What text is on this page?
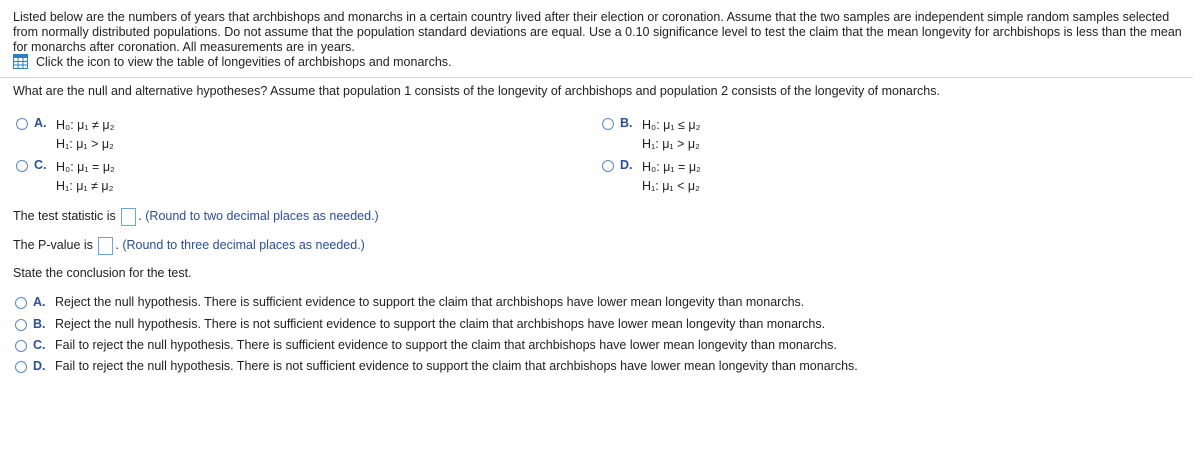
Listed below are the numbers of years that archbishops and monarchs in a certain country lived after their election or coronation. Assume that the two samples are independent simple random samples selected from normally distributed populations. Do not assume that the population standard deviations are equal. Use a 0.10 significance level to test the claim that the mean longevity for archbishops is less than the mean for monarchs after coronation. All measurements are in years.
Click the icon to view the table of longevities of archbishops and monarchs.
What are the null and alternative hypotheses? Assume that population 1 consists of the longevity of archbishops and population 2 consists of the longevity of monarchs.
A. H₀: μ₁ ≠ μ₂
H₁: μ₁ > μ₂
B. H₀: μ₁ ≤ μ₂
H₁: μ₁ > μ₂
C. H₀: μ₁ = μ₂
H₁: μ₁ ≠ μ₂
D. H₀: μ₁ = μ₂
H₁: μ₁ < μ₂
The test statistic is . (Round to two decimal places as needed.)
The P-value is . (Round to three decimal places as needed.)
State the conclusion for the test.
A. Reject the null hypothesis. There is sufficient evidence to support the claim that archbishops have lower mean longevity than monarchs.
B. Reject the null hypothesis. There is not sufficient evidence to support the claim that archbishops have lower mean longevity than monarchs.
C. Fail to reject the null hypothesis. There is sufficient evidence to support the claim that archbishops have lower mean longevity than monarchs.
D. Fail to reject the null hypothesis. There is not sufficient evidence to support the claim that archbishops have lower mean longevity than monarchs.
